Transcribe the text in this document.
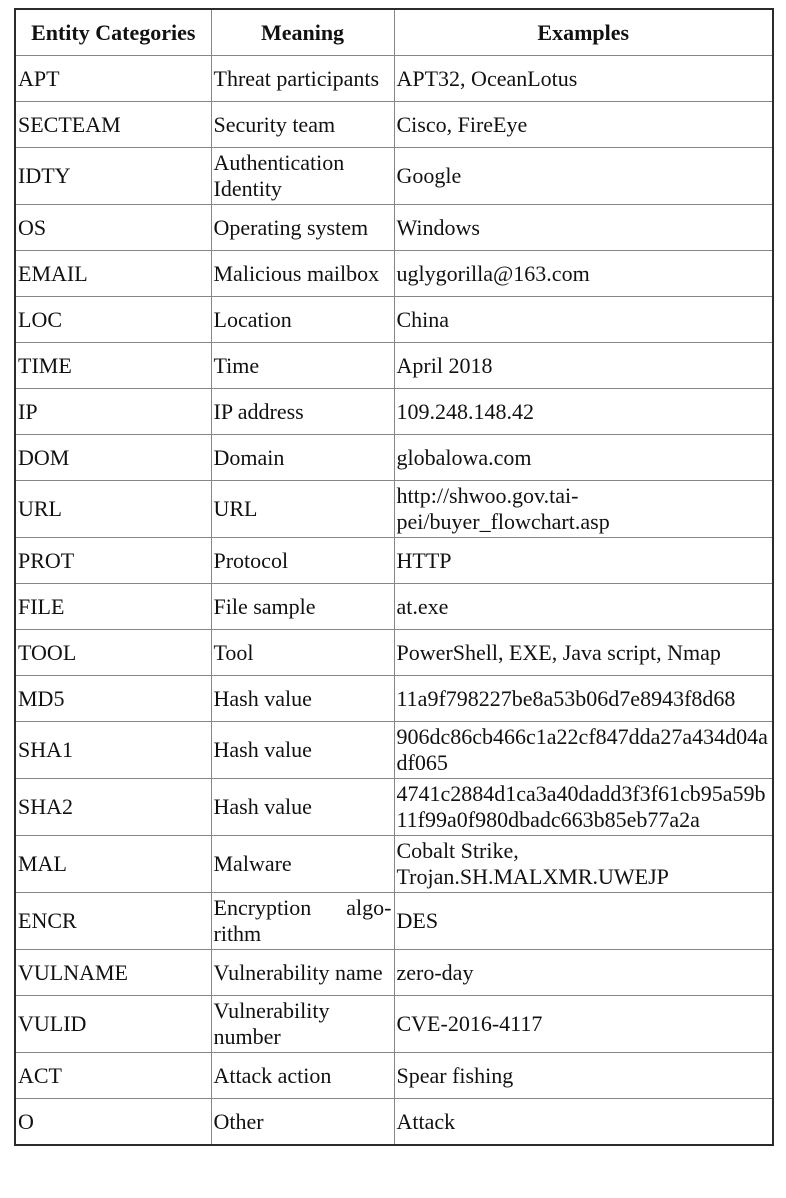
Entity Categories	Meaning	Examples
APT	Threat participants	APT32, OceanLotus
SECTEAM	Security team	Cisco, FireEye
IDTY	Authentication Identity	Google
OS	Operating system	Windows
EMAIL	Malicious mailbox	uglygorilla@163.com
LOC	Location	China
TIME	Time	April 2018
IP	IP address	109.248.148.42
DOM	Domain	globalowa.com
URL	URL	http://shwoo.gov.tai-pei/buyer_flowchart.asp
PROT	Protocol	HTTP
FILE	File sample	at.exe
TOOL	Tool	PowerShell, EXE, Java script, Nmap
MD5	Hash value	11a9f798227be8a53b06d7e8943f8d68
SHA1	Hash value	906dc86cb466c1a22cf847dda27a434d04adf065
SHA2	Hash value	4741c2884d1ca3a40dadd3f3f61cb95a59b11f99a0f980dbadc663b85eb77a2a
MAL	Malware	Cobalt Strike, Trojan.SH.MALXMR.UWEJP
ENCR	Encryption algo-rithm	DES
VULNAME	Vulnerability name	zero-day
VULID	Vulnerability number	CVE-2016-4117
ACT	Attack action	Spear fishing
O	Other	Attack
